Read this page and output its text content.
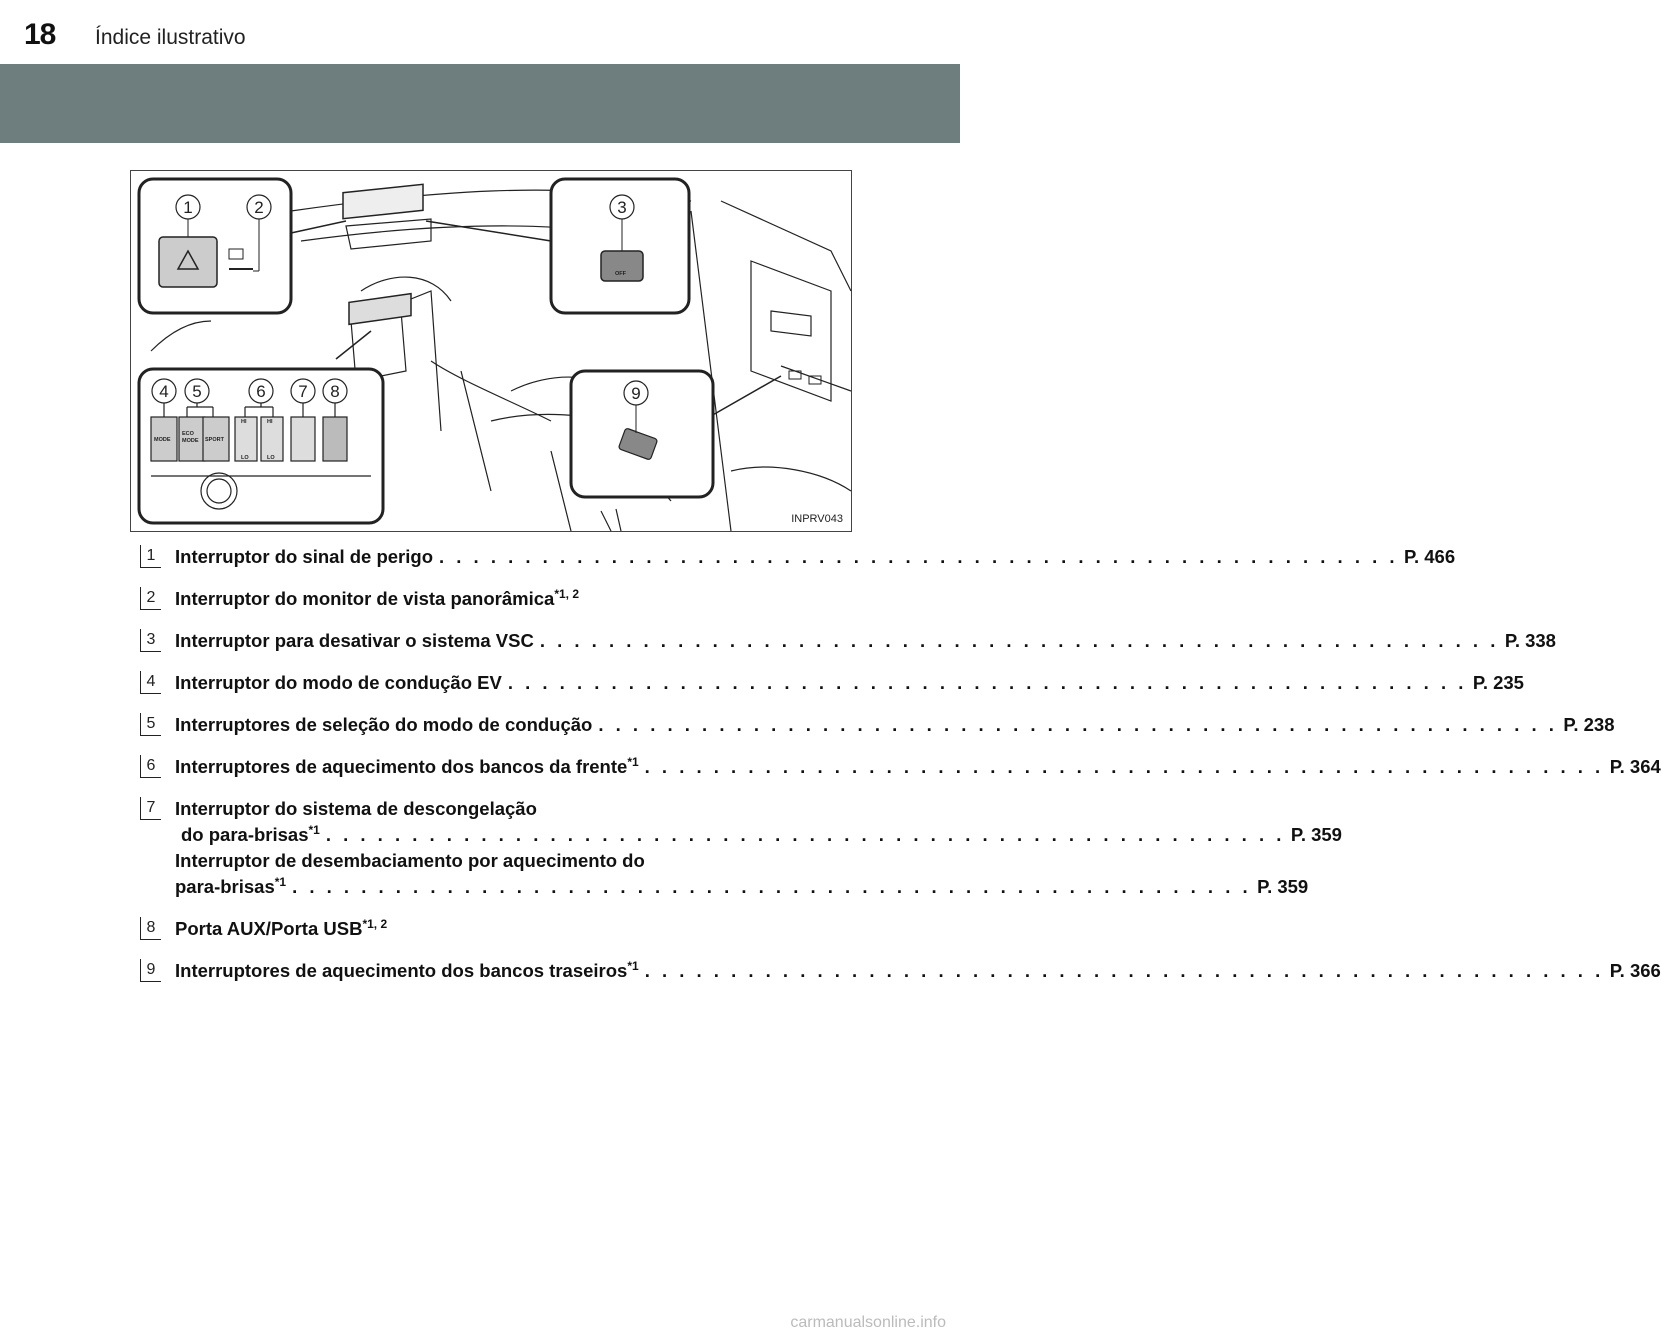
18 Índice ilustrativo
MODE
ECO
MODE SPORT
OFF
HI	HI
LO	LO
1	2	3
4 5	6 7 8	9
INPRV043
1 Interruptor do sinal de perigo . . . . . . . . . . . . . . . . . . . . . . . . . . . . . . . . . . . . . . . . . . . . . . . . . . . . . . . . P. 466
2 Interruptor do monitor de vista panorâmica$^{*1, 2}$
3 Interruptor para desativar o sistema VSC . . . . . . . . . . . . . . . . . . . . . . . . . . . . . . . . . . . . . . . . . . . . . . . . . . . . . . . . P. 338
4 Interruptor do modo de condução EV . . . . . . . . . . . . . . . . . . . . . . . . . . . . . . . . . . . . . . . . . . . . . . . . . . . . . . . . P. 235
5 Interruptores de seleção do modo de condução . . . . . . . . . . . . . . . . . . . . . . . . . . . . . . . . . . . . . . . . . . . . . . . . . . . . . . . . P. 238
6 Interruptores de aquecimento dos bancos da frente$^{*1}$ . . . . . . . . . . . . . . . . . . . . . . . . . . . . . . . . . . . . . . . . . . . . . . . . . . . . . . . . P. 364
7 Interruptor do sistema de descongelação
do para-brisas$^{*1}$ . . . . . . . . . . . . . . . . . . . . . . . . . . . . . . . . . . . . . . . . . . . . . . . . . . . . . . . . P. 359
Interruptor de desembaciamento por aquecimento do
para-brisas$^{*1}$ . . . . . . . . . . . . . . . . . . . . . . . . . . . . . . . . . . . . . . . . . . . . . . . . . . . . . . . . P. 359
8 Porta AUX/Porta USB$^{*1, 2}$
9 Interruptores de aquecimento dos bancos traseiros$^{*1}$ . . . . . . . . . . . . . . . . . . . . . . . . . . . . . . . . . . . . . . . . . . . . . . . . . . . . . . . . P. 366
carmanualsonline.info
